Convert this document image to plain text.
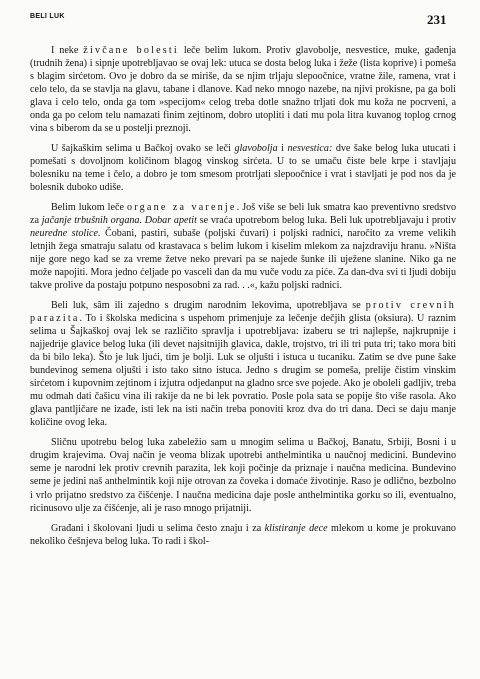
BELI LUK	231

I neke živčane bolesti leče belim lukom. Protiv glavobolje, nesvestice, muke, gađenja (trudnih žena) i sipnje upotrebljavao se ovaj lek: utuca se dosta belog luka i žeže (lista koprive) i pomeša s blagim sirćetom. Ovo je dobro da se miriše, da se njim trljaju slepoočnice, vratne žile, ramena, vrat i celo telo, da se stavlja na glavu, tabane i dlanove. Kad neko mnogo nazebe, na njivi prokisne, pa ga boli glava i celo telo, onda ga tom »specijom« celog treba dotle snažno trljati dok mu koža ne pocrveni, a onda ga po celom telu namazati finim zejtinom, dobro utopliti i dati mu pola litra kuvanog toplog crnog vina s biberom da se u postelji preznoji.

U šajkaškim selima u Bačkoj ovako se leči glavobolja i nesvestica: dve šake belog luka utucati i pomešati s dovoljnom količinom blagog vinskog sirćeta. U to se umaču čiste bele krpe i stavljaju bolesniku na teme i čelo, a dobro je tom smesom protrljati slepoočnice i vrat i stavljati je pod nos da je bolesnik duboko udiše.

Belim lukom leče organe za varenje. Još više se beli luk smatra kao preventivno sredstvo za jačanje trbušnih organa. Dobar apetit se vraća upotrebom belog luka. Beli luk upotrebljavaju i protiv neuredne stolice. Čobani, pastiri, subaše (poljski čuvari) i poljski radnici, naročito za vreme velikih letnjih žega smatraju salatu od krastavaca s belim lukom i kiselim mlekom za najzdraviju hranu. »Ništa nije gore nego kad se za vreme žetve neko prevari pa se najede šunke ili uježene slanine. Niko ga ne može napojiti. Mora jedno ćeljade po vasceli dan da mu vuče vodu za piće. Za dan-dva svi ti ljudi dobiju takve prolive da postaju potpuno nesposobni za rad. . .«, kažu poljski radnici.

Beli luk, sâm ili zajedno s drugim narodnim lekovima, upotrebljava se protiv crevnih parazita. To i školska medicina s uspehom primenjuje za lečenje dečjih glista (oksiura). U raznim selima u Šajkaškoj ovaj lek se različito spravlja i upotrebljava: izaberu se tri najlepše, najkrupnije i najjedrije glavice belog luka (ili devet najsitnijih glavica, dakle, trojstvo, tri ili tri puta tri; tako mora biti da bi bilo leka). Što je luk ljući, tim je bolji. Luk se oljušti i istuca u tucaniku. Zatim se dve pune šake bundevinog semena oljušti i isto tako sitno istuca. Jedno s drugim se pomeša, prelije čistim vinskim sirćetom i kupovnim zejtinom i izjutra odjedanput na gladno srce sve pojede. Ako je oboleli gadljiv, treba mu odmah dati čašicu vina ili rakije da ne bi lek povratio. Posle pola sata se popije što više rasola. Ako glava pantljičare ne izađe, isti lek na isti način treba ponoviti kroz dva do tri dana. Deci se daju manje količine ovog leka.

Sličnu upotrebu belog luka zabeležio sam u mnogim selima u Bačkoj, Banatu, Srbiji, Bosni i u drugim krajevima. Ovaj način je veoma blizak upotrebi anthelmintika u naučnoj medicini. Bundevino seme je narodni lek protiv crevnih parazita, lek koji počinje da priznaje i naučna medicina. Bundevino seme je jedini naš anthelmintik koji nije otrovan za čoveka i domaće životinje. Raso je odlično, bezbolno i vrlo prijatno sredstvo za čišćenje. I naučna medicina daje posle anthelmintika gorku so ili, eventualno, ricinusovo ulje za čišćenje, ali je raso mnogo prijatniji.

Građani i školovani ljudi u selima često znaju i za klistiranje dece mlekom u kome je prokuvano nekoliko češnjeva belog luka. To radi i škol-
